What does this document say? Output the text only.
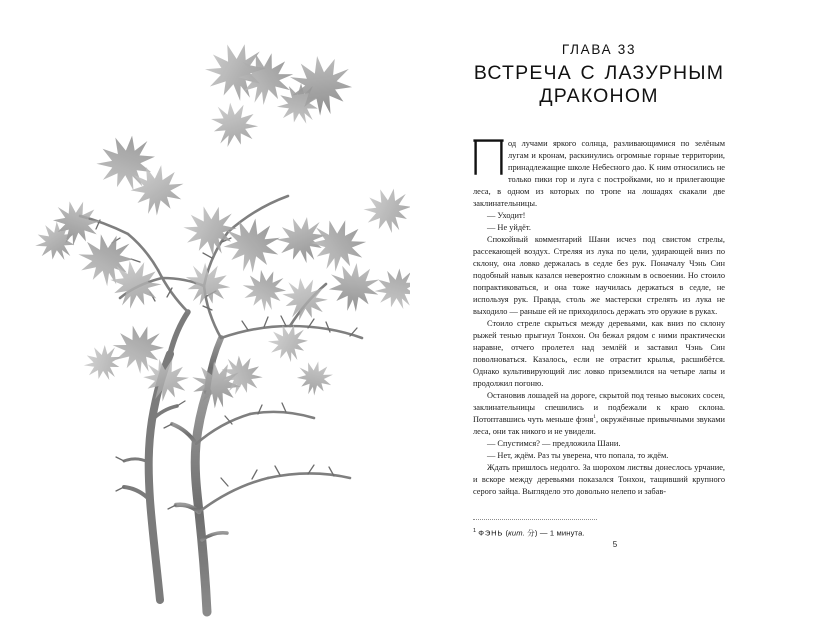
ГЛАВА 33
ВСТРЕЧА С ЛАЗУРНЫМ
ДРАКОНОМ

од лучами яркого солнца, разливающимися по зелёным лугам и кронам, раскинулись огромные горные территории, принадлежащие школе Небесного дао. К ним относились не только пики гор и луга с постройками, но и прилегающие леса, в одном из которых по тропе на лошадях скакали две заклинательницы.

— Уходит!

— Не уйдёт.

Спокойный комментарий Шани исчез под свистом стрелы, рассекающей воздух. Стреляя из лука по цели, удирающей вниз по склону, она ловко держалась в седле без рук. Поначалу Чэнь Син подобный навык казался невероятно сложным в освоении. Но стоило попрактиковаться, и она тоже научилась держаться в седле, не используя рук. Правда, столь же мастерски стрелять из лука не выходило — раньше ей не приходилось держать это оружие в руках.

Стоило стреле скрыться между деревьями, как вниз по склону рыжей тенью прыгнул Тонхон. Он бежал рядом с ними практически наравне, отчего пролетел над землёй и заставил Чэнь Син поволноваться. Казалось, если не отрастит крылья, расшибётся. Однако культивирующий лис ловко приземлился на четыре лапы и продолжил погоню.

Остановив лошадей на дороге, скрытой под тенью высоких сосен, заклинательницы спешились и подбежали к краю склона. Потоптавшись чуть меньше фэня$^1$, окружённые привычными звуками леса, они так никого и не увидели.

— Спустимся? — предложила Шани.

— Нет, ждём. Раз ты уверена, что попала, то ждём.

Ждать пришлось недолго. За шорохом листвы донеслось урчание, и вскоре между деревьями показался Тонхон, тащивший крупного серого зайца. Выглядело это довольно нелепо и забав-

$^1$ ФЭНЬ (кит. 分) — 1 минута.
5
